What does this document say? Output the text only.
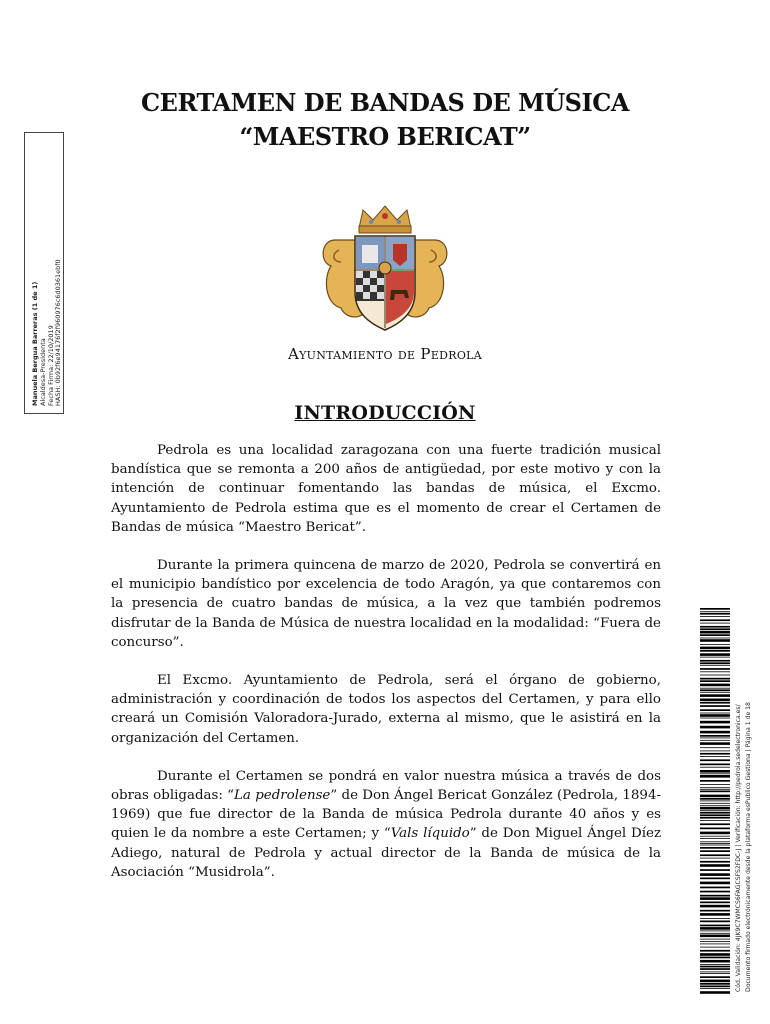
CERTAMEN DE BANDAS DE MÚSICA
“MAESTRO BERICAT”
Manuela Bergua Barreras (1 de 1) Alcaldesa-Presidenta Fecha Firma: 22/10/2019 HASH: 0b92f6e94176f2f960976c6d0361ebf0	Ayuntamiento de Pedrola
INTRODUCCIÓN

Pedrola es una localidad zaragozana con una fuerte tradición musical bandística que se remonta a 200 años de antigüedad, por este motivo y con la intención de continuar fomentando las bandas de música, el Excmo. Ayuntamiento de Pedrola estima que es el momento de crear el Certamen de Bandas de música “Maestro Bericat”.

Durante la primera quincena de marzo de 2020, Pedrola se convertirá en el municipio bandístico por excelencia de todo Aragón, ya que contaremos con la presencia de cuatro bandas de música, a la vez que también podremos disfrutar de la Banda de Música de nuestra localidad en la modalidad: “Fuera de concurso”.

El Excmo. Ayuntamiento de Pedrola, será el órgano de gobierno, administración y coordinación de todos los aspectos del Certamen, y para ello creará un Comisión Valoradora-Jurado, externa al mismo, que le asistirá en la organización del Certamen.

Durante el Certamen se pondrá en valor nuestra música a través de dos obras obligadas: “La pedrolense” de Don Ángel Bericat González (Pedrola, 1894-1969) que fue director de la Banda de música Pedrola durante 40 años y es quien le da nombre a este Certamen; y “Vals líquido” de Don Miguel Ángel Díez Adiego, natural de Pedrola y actual director de la Banda de música de la Asociación “Musidrola”.	Cód. Validación: 4JK9C7WMCS6FAGCSFS2FDC-J | Verificación: http://pedrola.sedelectronica.es/ Documento firmado electrónicamente desde la plataforma esPublico Gestiona | Página 1 de 18
